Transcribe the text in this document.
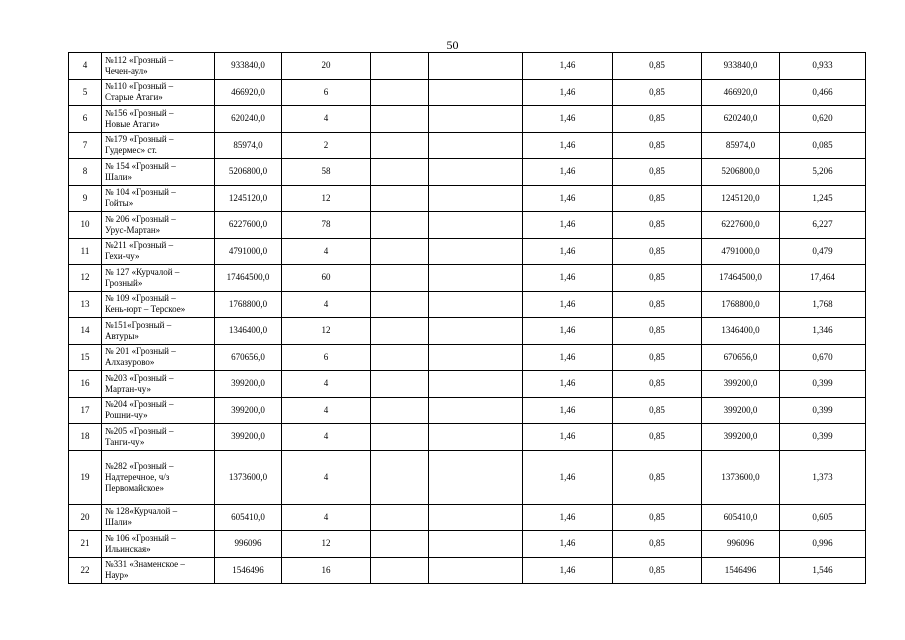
50
4	№112 «Грозный –
Чечен-аул»	933840,0	20			1,46	0,85	933840,0	0,933
5	№110 «Грозный –
Старые Атаги»	466920,0	6			1,46	0,85	466920,0	0,466
6	№156 «Грозный –
Новые Атаги»	620240,0	4			1,46	0,85	620240,0	0,620
7	№179 «Грозный –
Гудермес» ст.	85974,0	2			1,46	0,85	85974,0	0,085
8	№ 154 «Грозный –
Шали»	5206800,0	58			1,46	0,85	5206800,0	5,206
9	№ 104 «Грозный –
Гойты»	1245120,0	12			1,46	0,85	1245120,0	1,245
10	№ 206 «Грозный –
Урус-Мартан»	6227600,0	78			1,46	0,85	6227600,0	6,227
11	№211 «Грозный –
Гехи-чу»	4791000,0	4			1,46	0,85	4791000,0	0,479
12	№ 127 «Курчалой –
Грозный»	17464500,0	60			1,46	0,85	17464500,0	17,464
13	№ 109 «Грозный –
Кень-юрт – Терское»	1768800,0	4			1,46	0,85	1768800,0	1,768
14	№151«Грозный –
Автуры»	1346400,0	12			1,46	0,85	1346400,0	1,346
15	№ 201 «Грозный –
Алхазурово»	670656,0	6			1,46	0,85	670656,0	0,670
16	№203 «Грозный –
Мартан-чу»	399200,0	4			1,46	0,85	399200,0	0,399
17	№204 «Грозный –
Рошни-чу»	399200,0	4			1,46	0,85	399200,0	0,399
18	№205 «Грозный –
Танги-чу»	399200,0	4			1,46	0,85	399200,0	0,399
19	№282 «Грозный –
Надтеречное, ч/з
Первомайское»	1373600,0	4			1,46	0,85	1373600,0	1,373
20	№ 128«Курчалой –
Шали»	605410,0	4			1,46	0,85	605410,0	0,605
21	№ 106 «Грозный –
Ильинская»	996096	12			1,46	0,85	996096	0,996
22	№331 «Знаменское –
Наур»	1546496	16			1,46	0,85	1546496	1,546
